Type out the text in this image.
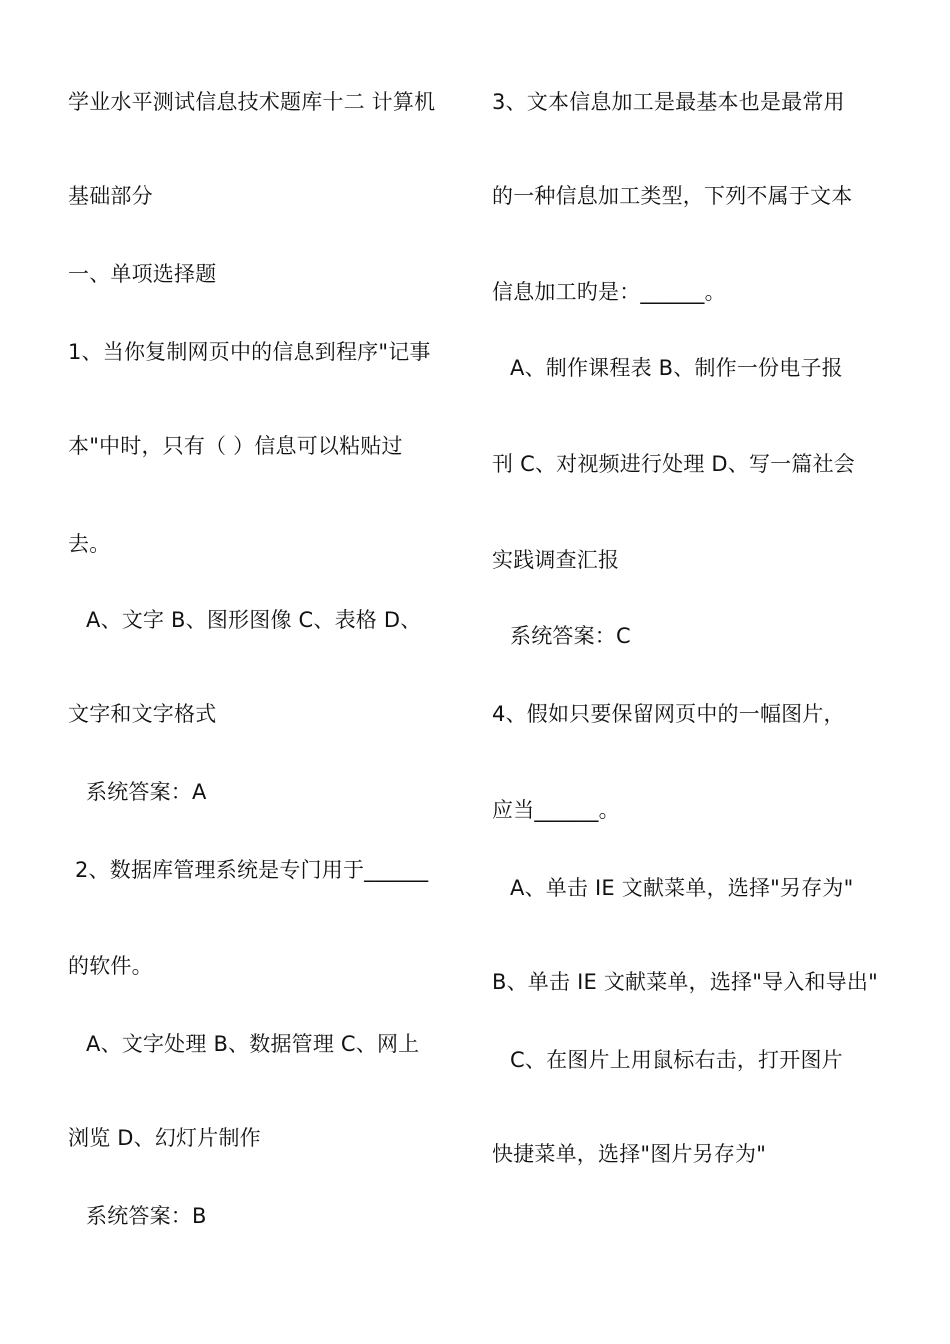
学业水平测试信息技术题库十二 计算机
基础部分
一、单项选择题
1、当你复制网页中的信息到程序"记事
本"中时，只有（ ）信息可以粘贴过
去。
A、文字 B、图形图像 C、表格 D、
文字和文字格式
系统答案：A
2、数据库管理系统是专门用于______
的软件。
A、文字处理 B、数据管理 C、网上
浏览 D、幻灯片制作
系统答案：B
3、文本信息加工是最基本也是最常用
的一种信息加工类型，下列不属于文本
信息加工旳是：______。
A、制作课程表 B、制作一份电子报
刊 C、对视频进行处理 D、写一篇社会
实践调查汇报
系统答案：C
4、假如只要保留网页中的一幅图片，
应当______。
A、单击 IE 文献菜单，选择"另存为"
B、单击 IE 文献菜单，选择"导入和导出"
C、在图片上用鼠标右击，打开图片
快捷菜单，选择"图片另存为"
